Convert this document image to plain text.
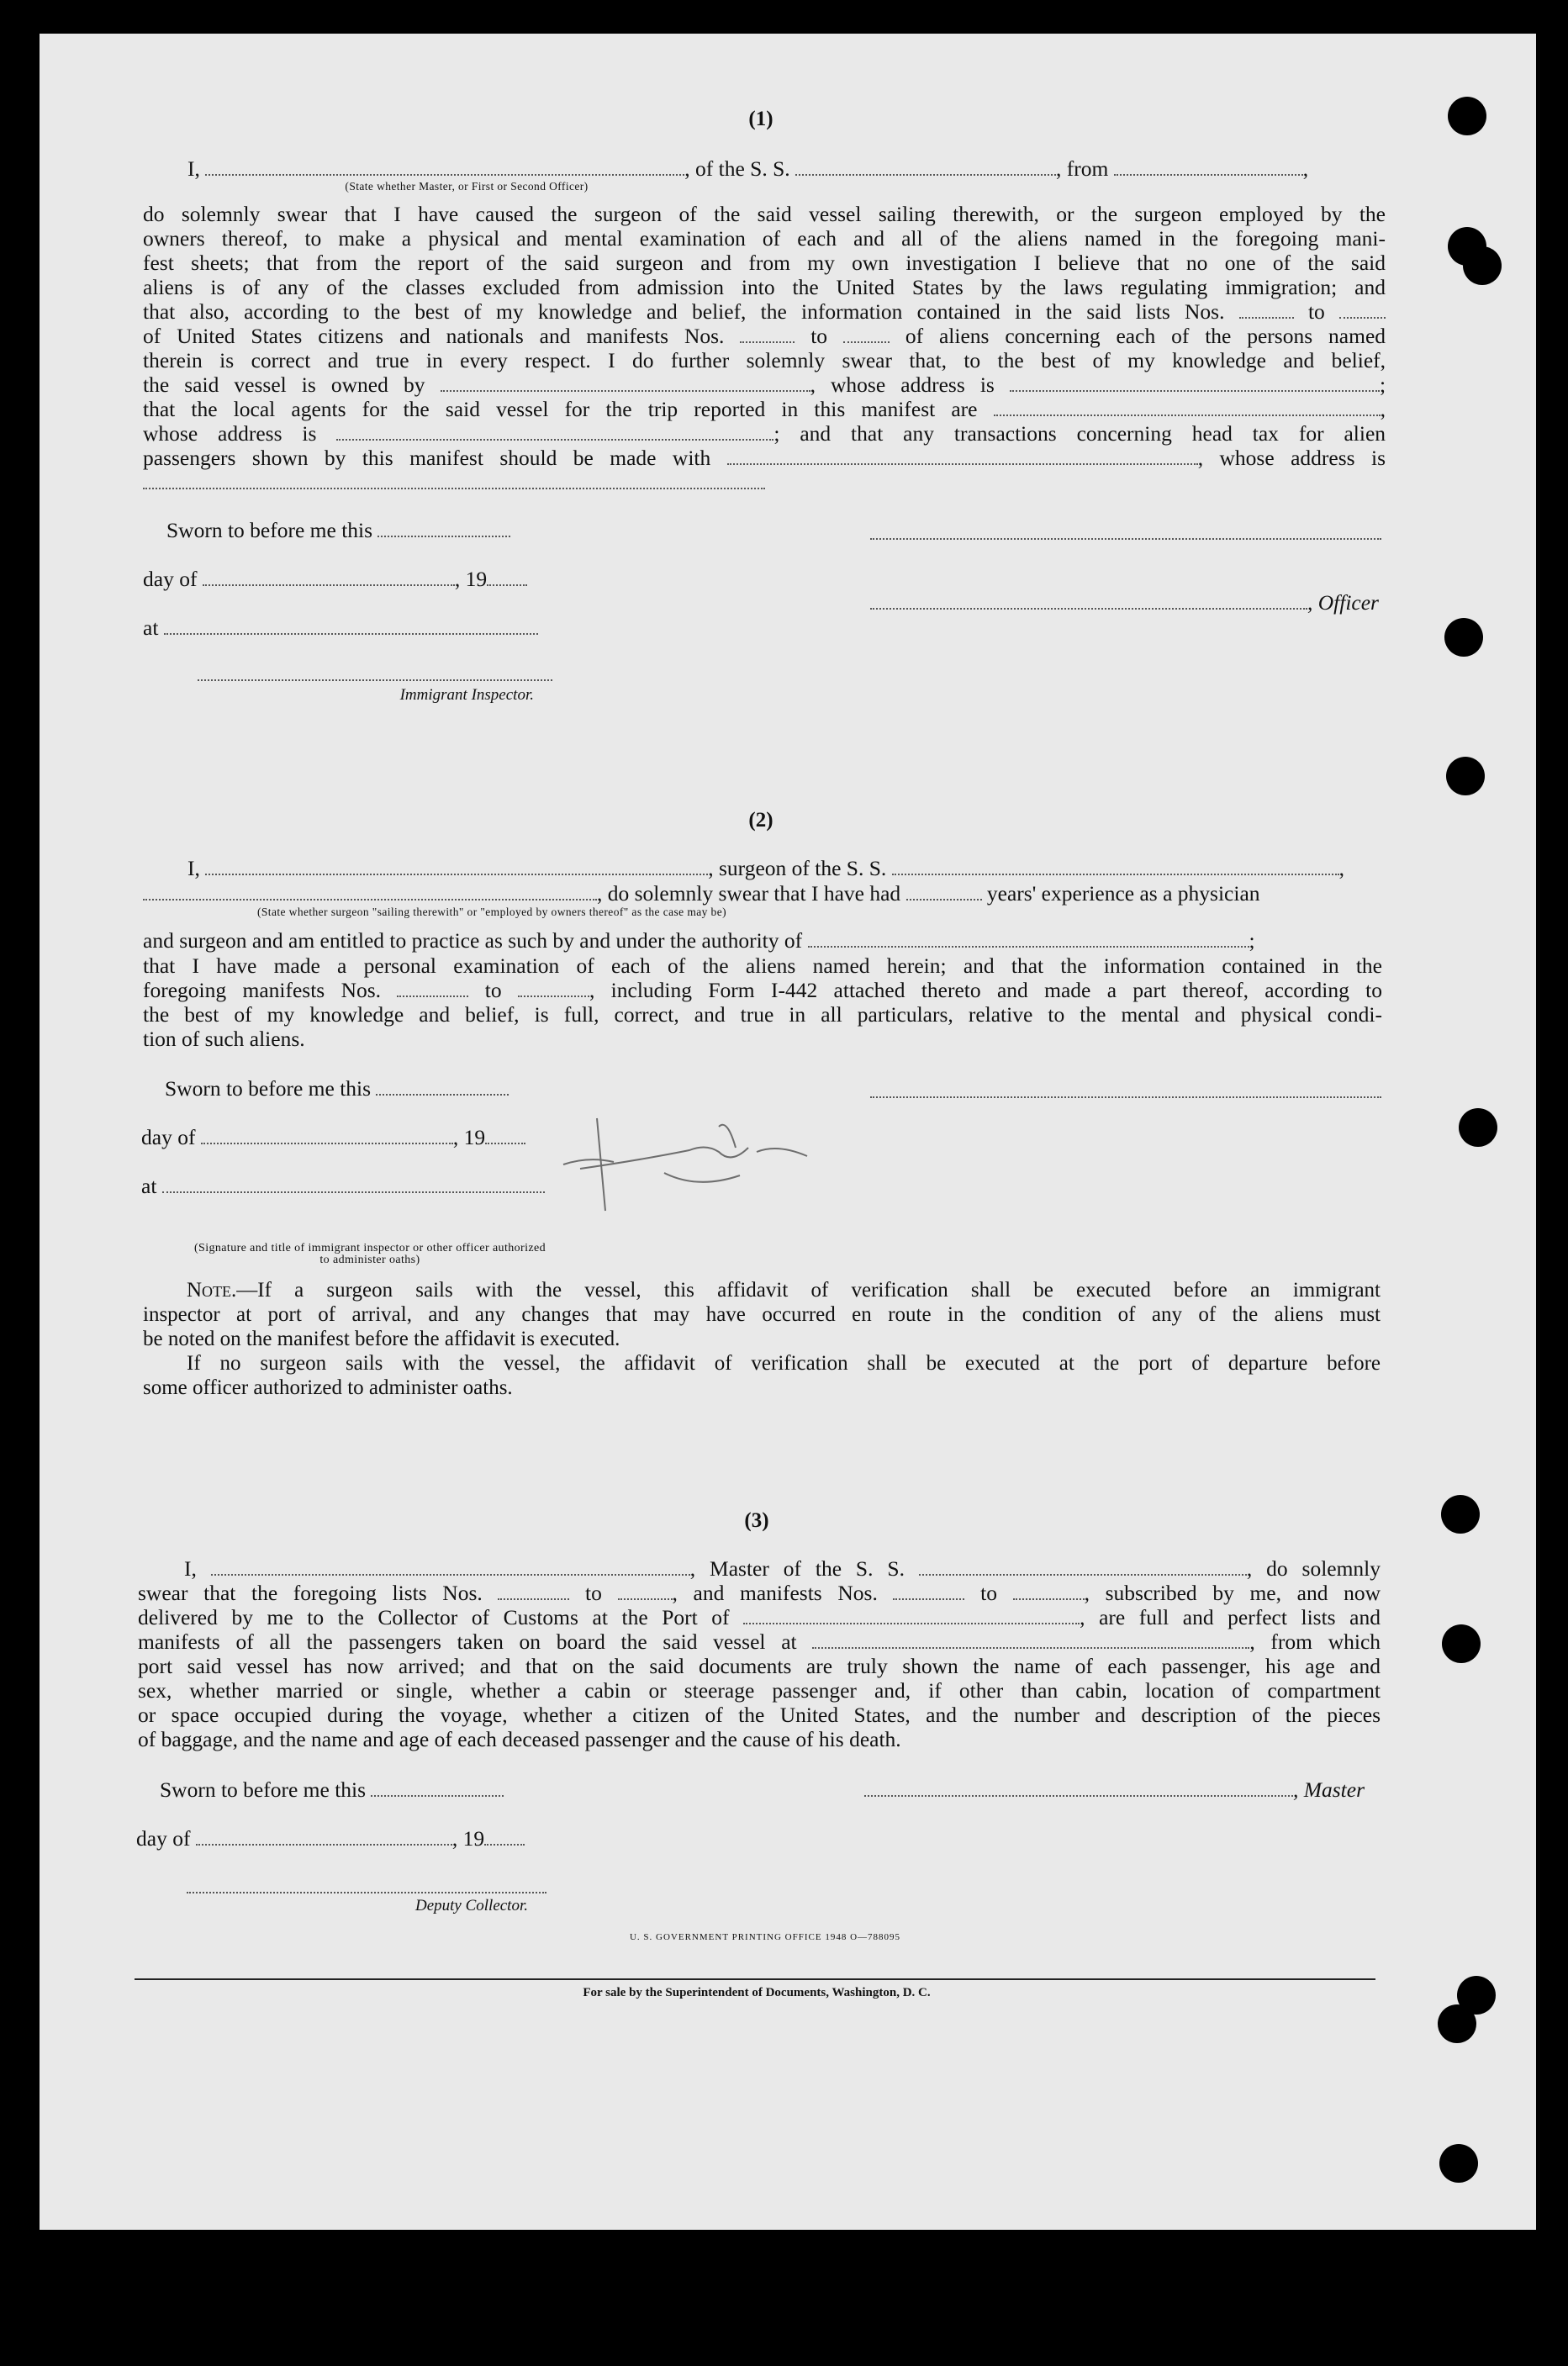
(1)
I,	, of the S. S.	, from	,
(State whether Master, or First or Second Officer)
do solemnly swear that I have caused the surgeon of the said vessel sailing therewith, or the surgeon employed by the
owners thereof, to make a physical and mental examination of each and all of the aliens named in the foregoing mani-
fest sheets; that from the report of the said surgeon and from my own investigation I believe that no one of the said
aliens is of any of the classes excluded from admission into the United States by the laws regulating immigration; and
that also, according to the best of my knowledge and belief, the information contained in the said lists Nos.	to
of United States citizens and nationals and manifests Nos.	to	of aliens concerning each of the persons named
therein is correct and true in every respect. I do further solemnly swear that, to the best of my knowledge and belief,
the said vessel is owned by	, whose address is	;
that the local agents for the said vessel for the trip reported in this manifest are	,
whose address is	; and that any transactions concerning head tax for alien
passengers shown by this manifest should be made with	, whose address is
Sworn to before me this
day of	, 19
, Officer
at
Immigrant Inspector.
(2)
I,	, surgeon of the S. S.	,
, do solemnly swear that I have had	years' experience as a physician
(State whether surgeon "sailing therewith" or "employed by owners thereof" as the case may be)
and surgeon and am entitled to practice as such by and under the authority of	;
that I have made a personal examination of each of the aliens named herein; and that the information contained in the
foregoing manifests Nos.	to	, including Form I-442 attached thereto and made a part thereof, according to
the best of my knowledge and belief, is full, correct, and true in all particulars, relative to the mental and physical condi-
tion of such aliens.
Sworn to before me this
day of	, 19
at
(Signature and title of immigrant inspector or other officer authorized to administer oaths)
Note.—If a surgeon sails with the vessel, this affidavit of verification shall be executed before an immigrant
inspector at port of arrival, and any changes that may have occurred en route in the condition of any of the aliens must
be noted on the manifest before the affidavit is executed.
If no surgeon sails with the vessel, the affidavit of verification shall be executed at the port of departure before
some officer authorized to administer oaths.
(3)
I,	, Master of the S. S.	, do solemnly
swear that the foregoing lists Nos.	to	, and manifests Nos.	to	, subscribed by me, and now
delivered by me to the Collector of Customs at the Port of	, are full and perfect lists and
manifests of all the passengers taken on board the said vessel at	, from which
port said vessel has now arrived; and that on the said documents are truly shown the name of each passenger, his age and
sex, whether married or single, whether a cabin or steerage passenger and, if other than cabin, location of compartment
or space occupied during the voyage, whether a citizen of the United States, and the number and description of the pieces
of baggage, and the name and age of each deceased passenger and the cause of his death.
Sworn to before me this	, Master
day of	, 19
Deputy Collector.
U. S. GOVERNMENT PRINTING OFFICE 1948 O—788095
For sale by the Superintendent of Documents, Washington, D. C.
